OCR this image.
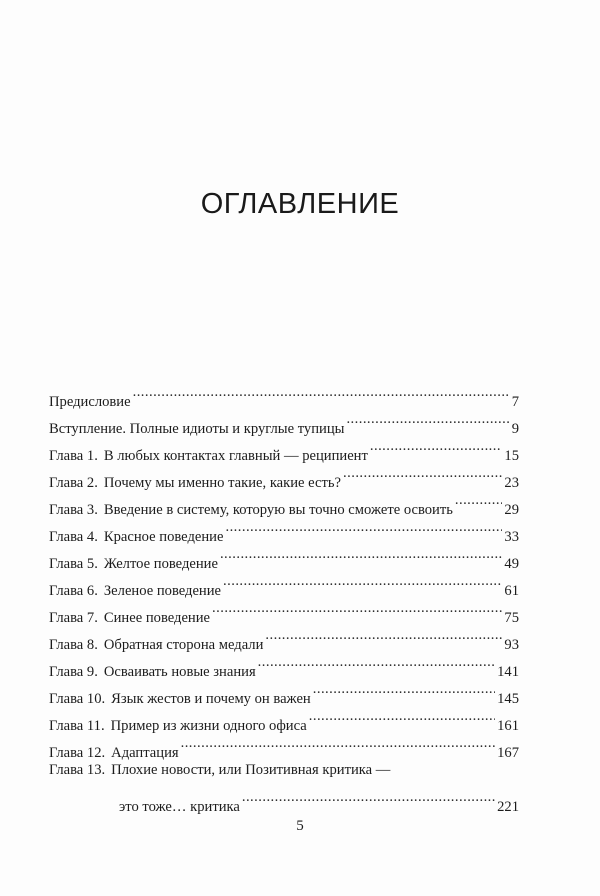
ОГЛАВЛЕНИЕ
Предисловие . . .	7
Вступление. Полные идиоты и круглые тупицы . . .	9
Глава 1. В любых контактах главный — реципиент . . .	15
Глава 2. Почему мы именно такие, какие есть? . . .	23
Глава 3. Введение в систему, которую вы точно сможете освоить . . .	29
Глава 4. Красное поведение . . .	33
Глава 5. Желтое поведение . . .	49
Глава 6. Зеленое поведение . . .	61
Глава 7. Синее поведение . . .	75
Глава 8. Обратная сторона медали . . .	93
Глава 9. Осваивать новые знания . . .	141
Глава 10. Язык жестов и почему он важен . . .	145
Глава 11. Пример из жизни одного офиса . . .	161
Глава 12. Адаптация . . .	167
Глава 13. Плохие новости, или Позитивная критика —
это тоже… критика . . .	221
5
